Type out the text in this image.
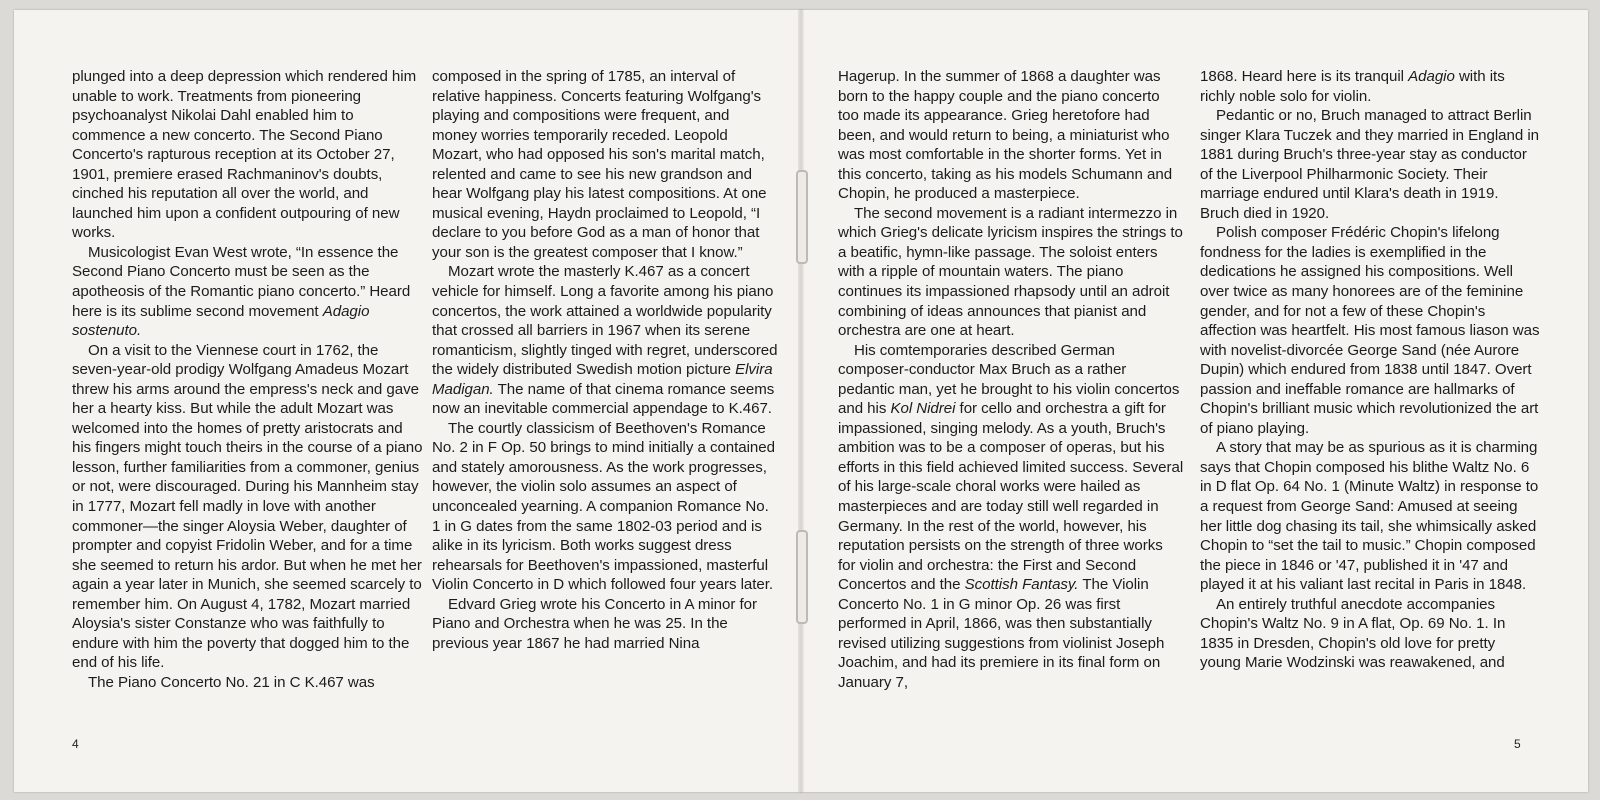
plunged into a deep depression which rendered him unable to work. Treatments from pioneering psychoanalyst Nikolai Dahl enabled him to commence a new concerto. The Second Piano Concerto's rapturous reception at its October 27, 1901, premiere erased Rachmaninov's doubts, cinched his reputation all over the world, and launched him upon a confident outpouring of new works.

Musicologist Evan West wrote, “In essence the Second Piano Concerto must be seen as the apotheosis of the Romantic piano concerto.” Heard here is its sublime second movement Adagio sostenuto.

On a visit to the Viennese court in 1762, the seven-year-old prodigy Wolfgang Amadeus Mozart threw his arms around the empress's neck and gave her a hearty kiss. But while the adult Mozart was welcomed into the homes of pretty aristocrats and his fingers might touch theirs in the course of a piano lesson, further familiarities from a commoner, genius or not, were discouraged. During his Mannheim stay in 1777, Mozart fell madly in love with another commoner—the singer Aloysia Weber, daughter of prompter and copyist Fridolin Weber, and for a time she seemed to return his ardor. But when he met her again a year later in Munich, she seemed scarcely to remember him. On August 4, 1782, Mozart married Aloysia's sister Constanze who was faithfully to endure with him the poverty that dogged him to the end of his life.

The Piano Concerto No. 21 in C K.467 was

composed in the spring of 1785, an interval of relative happiness. Concerts featuring Wolfgang's playing and compositions were frequent, and money worries temporarily receded. Leopold Mozart, who had opposed his son's marital match, relented and came to see his new grandson and hear Wolfgang play his latest compositions. At one musical evening, Haydn proclaimed to Leopold, “I declare to you before God as a man of honor that your son is the greatest composer that I know.”

Mozart wrote the masterly K.467 as a concert vehicle for himself. Long a favorite among his piano concertos, the work attained a worldwide popularity that crossed all barriers in 1967 when its serene romanticism, slightly tinged with regret, underscored the widely distributed Swedish motion picture Elvira Madigan. The name of that cinema romance seems now an inevitable commercial appendage to K.467.

The courtly classicism of Beethoven's Romance No. 2 in F Op. 50 brings to mind initially a contained and stately amorousness. As the work progresses, however, the violin solo assumes an aspect of unconcealed yearning. A companion Romance No. 1 in G dates from the same 1802-03 period and is alike in its lyricism. Both works suggest dress rehearsals for Beethoven's impassioned, masterful Violin Concerto in D which followed four years later.

Edvard Grieg wrote his Concerto in A minor for Piano and Orchestra when he was 25. In the previous year 1867 he had married Nina

4

Hagerup. In the summer of 1868 a daughter was born to the happy couple and the piano concerto too made its appearance. Grieg heretofore had been, and would return to being, a miniaturist who was most comfortable in the shorter forms. Yet in this concerto, taking as his models Schumann and Chopin, he produced a masterpiece.

The second movement is a radiant intermezzo in which Grieg's delicate lyricism inspires the strings to a beatific, hymn-like passage. The soloist enters with a ripple of mountain waters. The piano continues its impassioned rhapsody until an adroit combining of ideas announces that pianist and orchestra are one at heart.

His comtemporaries described German composer-conductor Max Bruch as a rather pedantic man, yet he brought to his violin concertos and his Kol Nidrei for cello and orchestra a gift for impassioned, singing melody. As a youth, Bruch's ambition was to be a composer of operas, but his efforts in this field achieved limited success. Several of his large-scale choral works were hailed as masterpieces and are today still well regarded in Germany. In the rest of the world, however, his reputation persists on the strength of three works for violin and orchestra: the First and Second Concertos and the Scottish Fantasy. The Violin Concerto No. 1 in G minor Op. 26 was first performed in April, 1866, was then substantially revised utilizing suggestions from violinist Joseph Joachim, and had its premiere in its final form on January 7,

1868. Heard here is its tranquil Adagio with its richly noble solo for violin.

Pedantic or no, Bruch managed to attract Berlin singer Klara Tuczek and they married in England in 1881 during Bruch's three-year stay as conductor of the Liverpool Philharmonic Society. Their marriage endured until Klara's death in 1919. Bruch died in 1920.

Polish composer Frédéric Chopin's lifelong fondness for the ladies is exemplified in the dedications he assigned his compositions. Well over twice as many honorees are of the feminine gender, and for not a few of these Chopin's affection was heartfelt. His most famous liason was with novelist-divorcée George Sand (née Aurore Dupin) which endured from 1838 until 1847. Overt passion and ineffable romance are hallmarks of Chopin's brilliant music which revolutionized the art of piano playing.

A story that may be as spurious as it is charming says that Chopin composed his blithe Waltz No. 6 in D flat Op. 64 No. 1 (Minute Waltz) in response to a request from George Sand: Amused at seeing her little dog chasing its tail, she whimsically asked Chopin to “set the tail to music.” Chopin composed the piece in 1846 or '47, published it in '47 and played it at his valiant last recital in Paris in 1848.

An entirely truthful anecdote accompanies Chopin's Waltz No. 9 in A flat, Op. 69 No. 1. In 1835 in Dresden, Chopin's old love for pretty young Marie Wodzinski was reawakened, and

5
